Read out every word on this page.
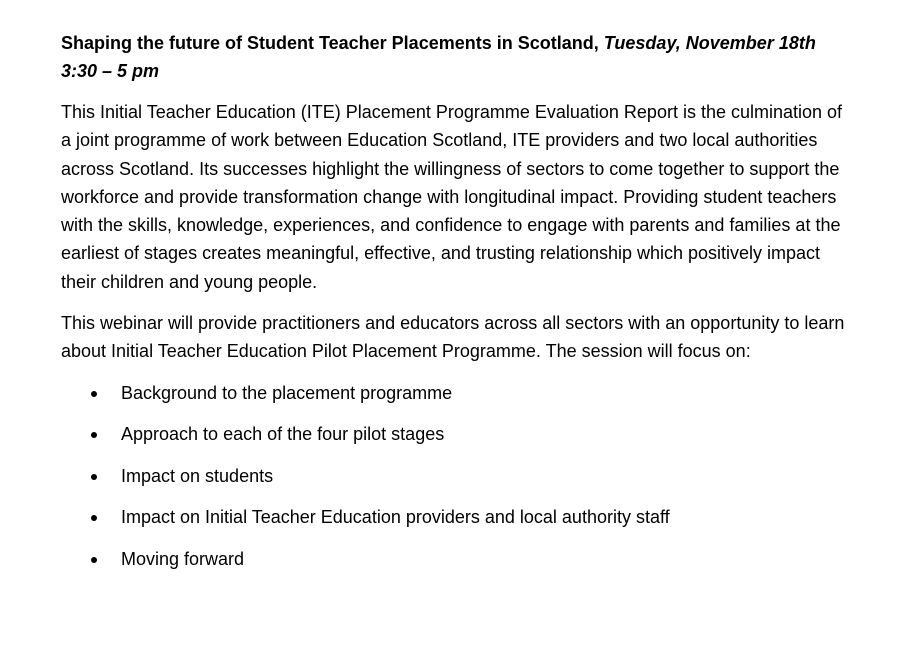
Shaping the future of Student Teacher Placements in Scotland, Tuesday, November 18th 3:30 – 5 pm

This Initial Teacher Education (ITE) Placement Programme Evaluation Report is the culmination of a joint programme of work between Education Scotland, ITE providers and two local authorities across Scotland. Its successes highlight the willingness of sectors to come together to support the workforce and provide transformation change with longitudinal impact. Providing student teachers with the skills, knowledge, experiences, and confidence to engage with parents and families at the earliest of stages creates meaningful, effective, and trusting relationship which positively impact their children and young people.

This webinar will provide practitioners and educators across all sectors with an opportunity to learn about Initial Teacher Education Pilot Placement Programme. The session will focus on:

Background to the placement programme
Approach to each of the four pilot stages
Impact on students
Impact on Initial Teacher Education providers and local authority staff
Moving forward
